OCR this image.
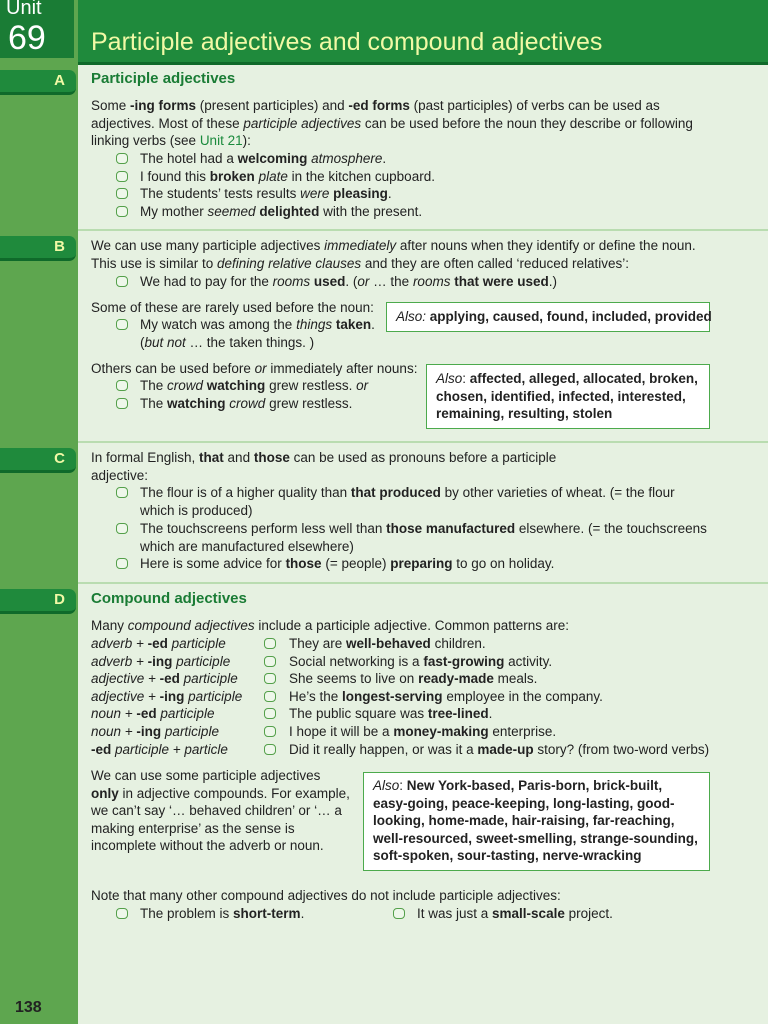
Unit
69 Participle adjectives and compound adjectives
A
B
C
D
Participle adjectives
Some -ing forms (present participles) and -ed forms (past participles) of verbs can be used as
adjectives. Most of these participle adjectives can be used before the noun they describe or following
linking verbs (see Unit 21):
The hotel had a welcoming atmosphere.
I found this broken plate in the kitchen cupboard.
The students’ tests results were pleasing.
My mother seemed delighted with the present.
We can use many participle adjectives immediately after nouns when they identify or define the noun.
This use is similar to defining relative clauses and they are often called ‘reduced relatives’:
We had to pay for the rooms used. (or … the rooms that were used.)
Some of these are rarely used before the noun:
My watch was among the things taken.
(but not … the taken things. )
Also: applying, caused, found, included, provided
Others can be used before or immediately after nouns:
The crowd watching grew restless. or
The watching crowd grew restless.
Also: affected, alleged, allocated, broken,
chosen, identified, infected, interested,
remaining, resulting, stolen
In formal English, that and those can be used as pronouns before a participle
adjective:
The flour is of a higher quality than that produced by other varieties of wheat. (= the flour
which is produced)
The touchscreens perform less well than those manufactured elsewhere. (= the touchscreens
which are manufactured elsewhere)
Here is some advice for those (= people) preparing to go on holiday.
Compound adjectives
Many compound adjectives include a participle adjective. Common patterns are:
adverb + -ed participle
adverb + -ing participle
adjective + -ed participle
adjective + -ing participle
noun + -ed participle
noun + -ing participle
-ed participle + particle
They are well-behaved children.
Social networking is a fast-growing activity.
She seems to live on ready-made meals.
He’s the longest-serving employee in the company.
The public square was tree-lined.
I hope it will be a money-making enterprise.
Did it really happen, or was it a made-up story? (from two-word verbs)
We can use some participle adjectives
only in adjective compounds. For example,
we can’t say ‘… behaved children’ or ‘… a
making enterprise’ as the sense is
incomplete without the adverb or noun.
Also: New York-based, Paris-born, brick-built,
easy-going, peace-keeping, long-lasting, good-
looking, home-made, hair-raising, far-reaching,
well-resourced, sweet-smelling, strange-sounding,
soft-spoken, sour-tasting, nerve-wracking
Note that many other compound adjectives do not include participle adjectives:
The problem is short-term.	It was just a small-scale project.
138
